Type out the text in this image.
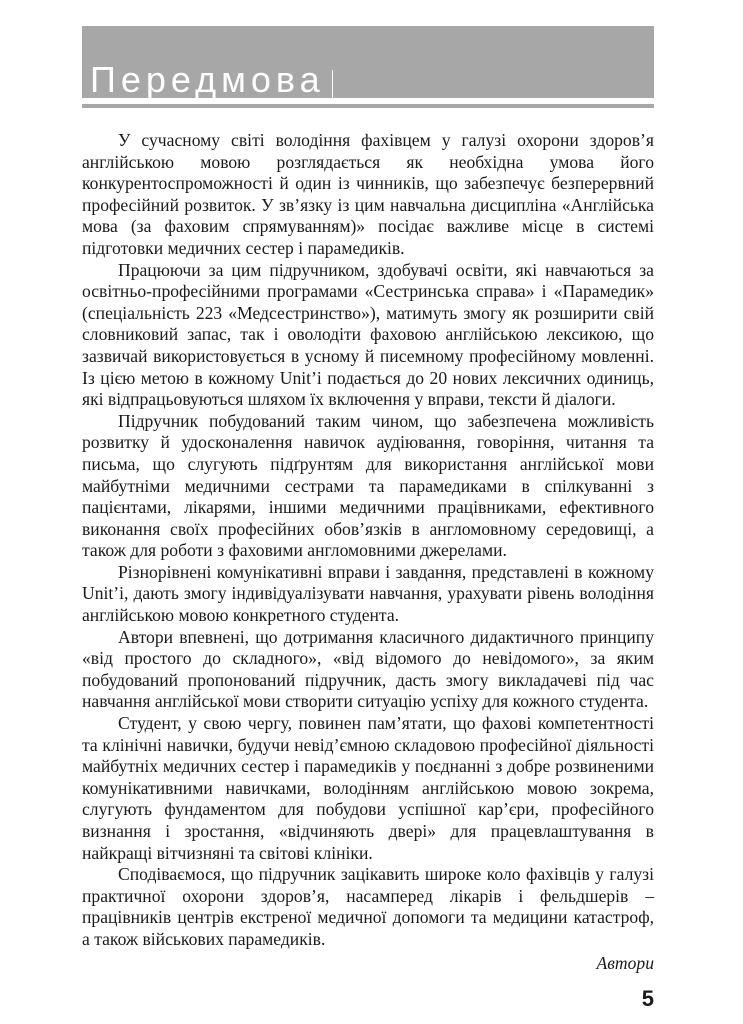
Передмова

У сучасному світі володіння фахівцем у галузі охорони здоров’я англійською мовою розглядається як необхідна умова його конкурентоспроможності й один із чинників, що забезпечує безперервний професійний розвиток. У зв’язку із цим навчальна дисципліна «Англійська мова (за фаховим спрямуванням)» посідає важливе місце в системі підготовки медичних сестер і парамедиків.

Працюючи за цим підручником, здобувачі освіти, які навчаються за освітньо-професійними програмами «Сестринська справа» і «Парамедик» (спеціальність 223 «Медсестринство»), матимуть змогу як розширити свій словниковий запас, так і оволодіти фаховою англійською лексикою, що зазвичай використовується в усному й писемному професійному мовленні. Із цією метою в кожному Unit’і подається до 20 нових лексичних одиниць, які відпрацьовуються шляхом їх включення у вправи, тексти й діалоги.

Підручник побудований таким чином, що забезпечена можливість розвитку й удосконалення навичок аудіювання, говоріння, читання та письма, що слугують підґрунтям для використання англійської мови майбутніми медичними сестрами та парамедиками в спілкуванні з пацієнтами, лікарями, іншими медичними працівниками, ефективного виконання своїх професійних обов’язків в англомовному середовищі, а також для роботи з фаховими англомовними джерелами.

Різнорівнені комунікативні вправи і завдання, представлені в кожному Unit’і, дають змогу індивідуалізувати навчання, урахувати рівень володіння англійською мовою конкретного студента.

Автори впевнені, що дотримання класичного дидактичного принципу «від простого до складного», «від відомого до невідомого», за яким побудований пропонований підручник, дасть змогу викладачеві під час навчання англійської мови створити ситуацію успіху для кожного студента.

Студент, у свою чергу, повинен пам’ятати, що фахові компетентності та клінічні навички, будучи невід’ємною складовою професійної діяльності майбутніх медичних сестер і парамедиків у поєднанні з добре розвиненими комунікативними навичками, володінням англійською мовою зокрема, слугують фундаментом для побудови успішної кар’єри, професійного визнання і зростання, «відчиняють двері» для працевлаштування в найкращі вітчизняні та світові клініки.

Сподіваємося, що підручник зацікавить широке коло фахівців у галузі практичної охорони здоров’я, насамперед лікарів і фельдшерів – працівників центрів екстреної медичної допомоги та медицини катастроф, а також військових парамедиків.

Автори
5
